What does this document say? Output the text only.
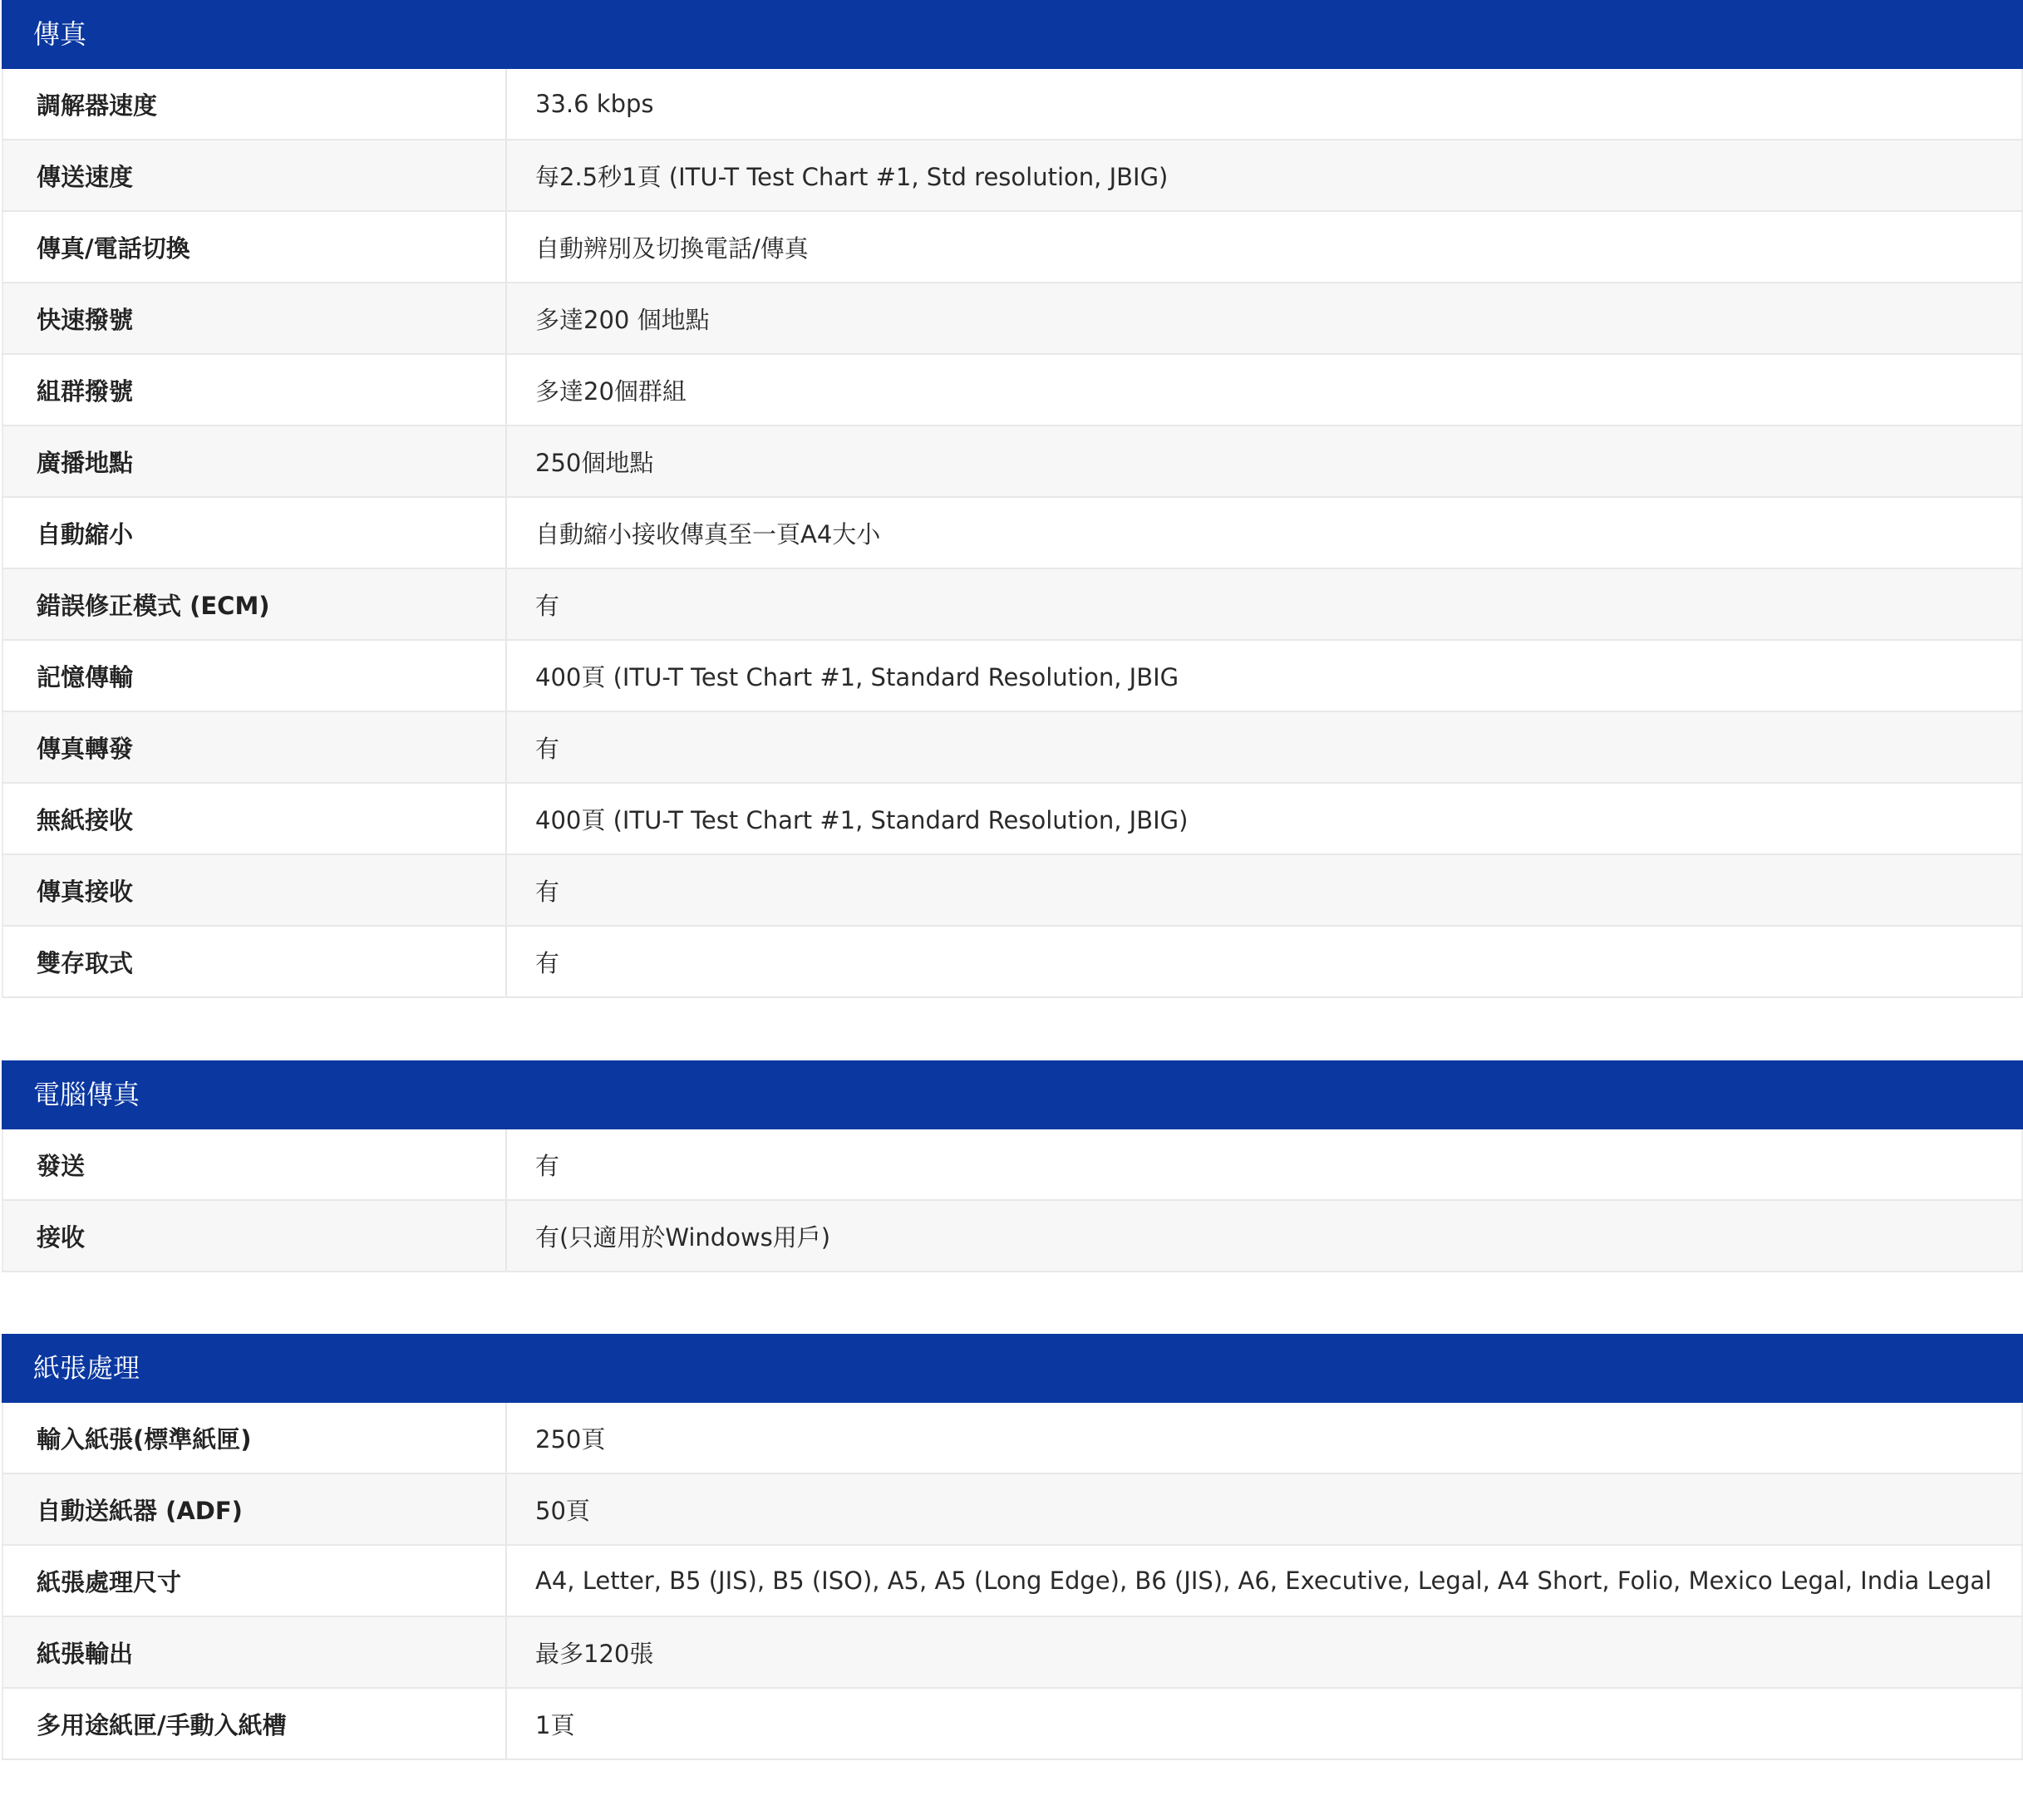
傳真
調解器速度	33.6 kbps
傳送速度	每2.5秒1頁 (ITU-T Test Chart #1, Std resolution, JBIG)
傳真/電話切換	自動辨別及切換電話/傳真
快速撥號	多達200 個地點
組群撥號	多達20個群組
廣播地點	250個地點
自動縮小	自動縮小接收傳真至一頁A4大小
錯誤修正模式 (ECM)	有
記憶傳輸	400頁 (ITU-T Test Chart #1, Standard Resolution, JBIG
傳真轉發	有
無紙接收	400頁 (ITU-T Test Chart #1, Standard Resolution, JBIG)
傳真接收	有
雙存取式	有
電腦傳真
發送	有
接收	有(只適用於Windows用戶)
紙張處理
輸入紙張(標準紙匣)	250頁
自動送紙器 (ADF)	50頁
紙張處理尺寸	A4, Letter, B5 (JIS), B5 (ISO), A5, A5 (Long Edge), B6 (JIS), A6, Executive, Legal, A4 Short, Folio, Mexico Legal, India Legal
紙張輸出	最多120張
多用途紙匣/手動入紙槽	1頁
